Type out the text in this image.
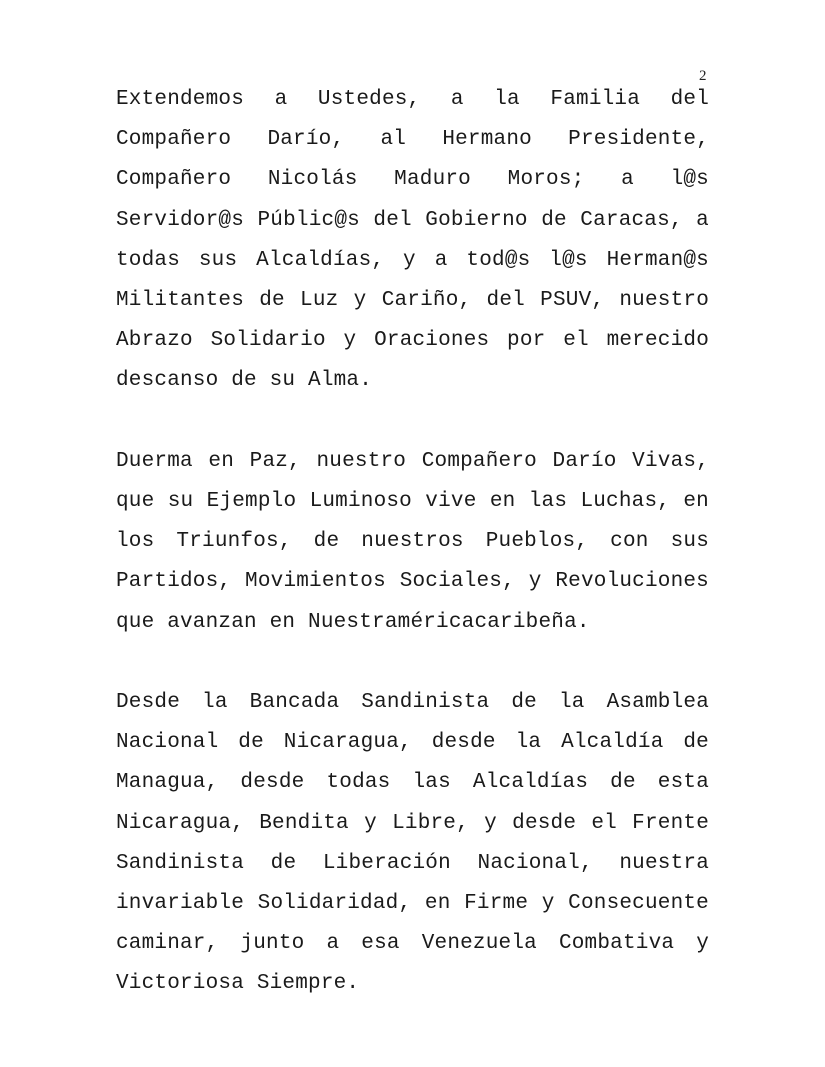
2

Extendemos a Ustedes, a la Familia del Compañero Darío, al Hermano Presidente, Compañero Nicolás Maduro Moros; a l@s Servidor@s Públic@s del Gobierno de Caracas, a todas sus Alcaldías, y a tod@s l@s Herman@s Militantes de Luz y Cariño, del PSUV, nuestro Abrazo Solidario y Oraciones por el merecido descanso de su Alma.

Duerma en Paz, nuestro Compañero Darío Vivas, que su Ejemplo Luminoso vive en las Luchas, en los Triunfos, de nuestros Pueblos, con sus Partidos, Movimientos Sociales, y Revoluciones que avanzan en Nuestraméricacaribeña.

Desde la Bancada Sandinista de la Asamblea Nacional de Nicaragua, desde la Alcaldía de Managua, desde todas las Alcaldías de esta Nicaragua, Bendita y Libre, y desde el Frente Sandinista de Liberación Nacional, nuestra invariable Solidaridad, en Firme y Consecuente caminar, junto a esa Venezuela Combativa y Victoriosa Siempre.
